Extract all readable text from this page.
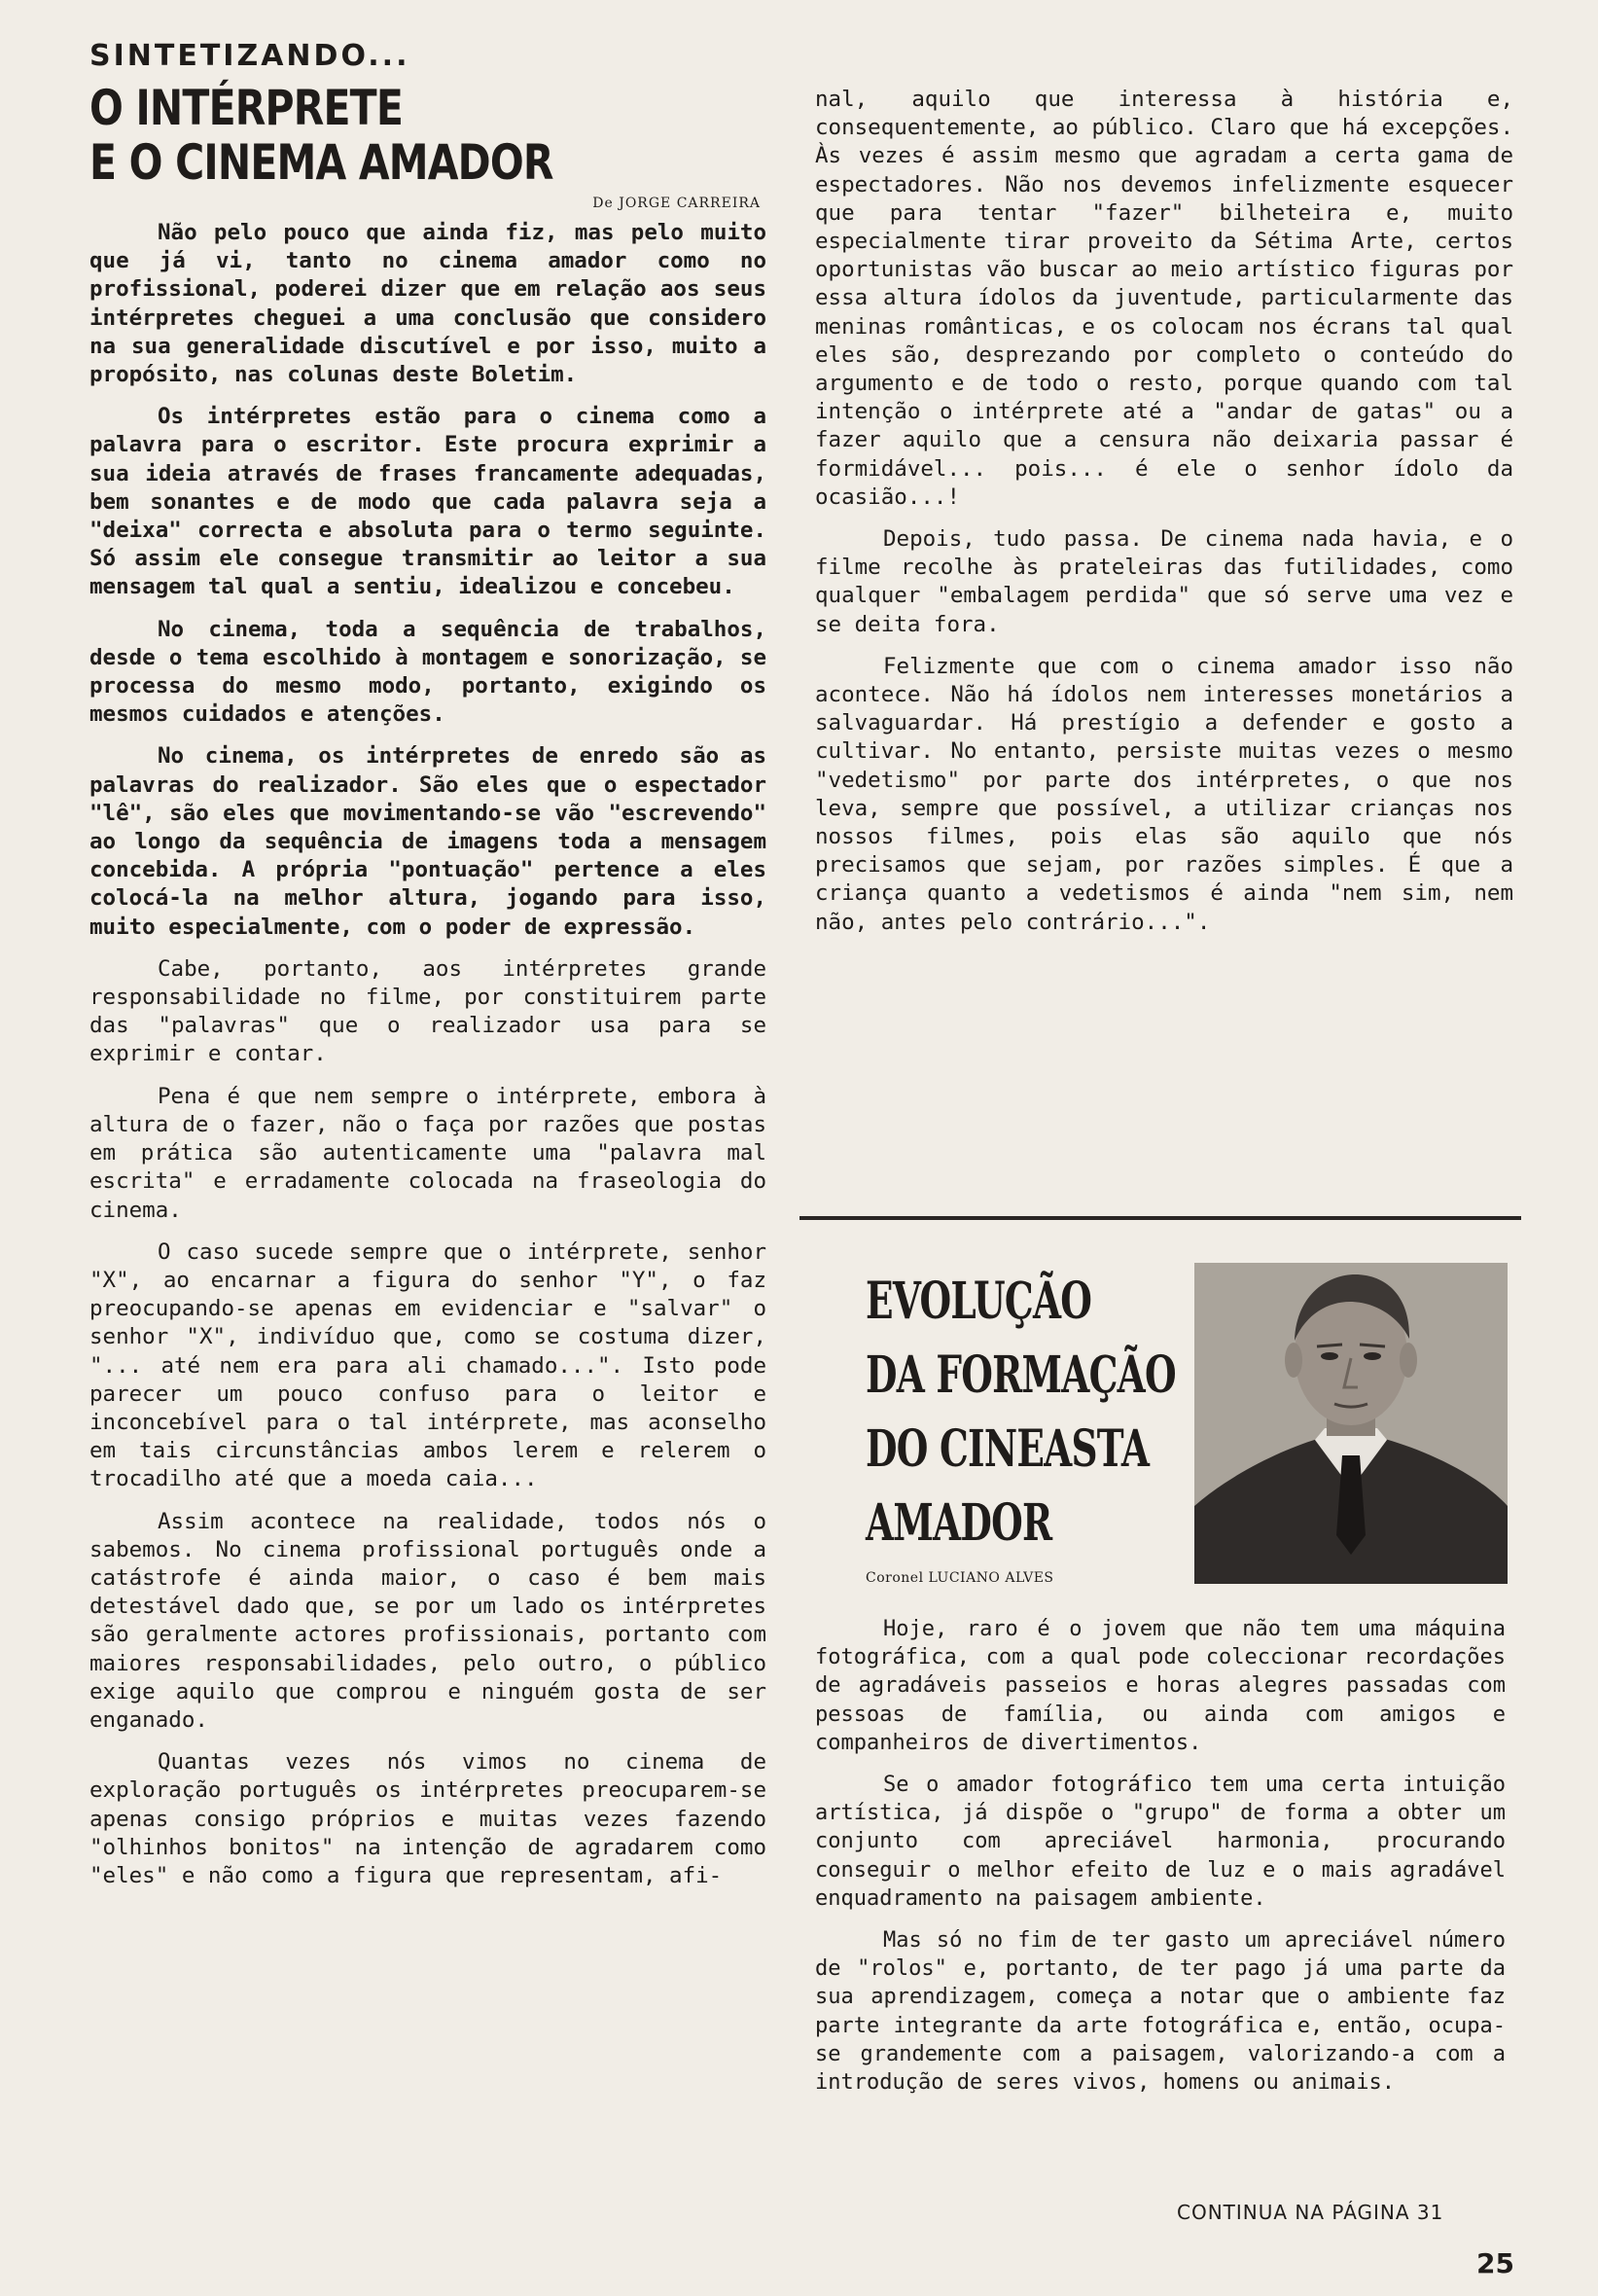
SINTETIZANDO...
O INTÉRPRETE
E O CINEMA AMADOR
De JORGE CARREIRA

Não pelo pouco que ainda fiz, mas pelo muito que já vi, tanto no cinema amador como no profissional, poderei dizer que em relação aos seus intérpretes cheguei a uma conclusão que considero na sua generalidade discutível e por isso, muito a propósito, nas colunas deste Boletim.

Os intérpretes estão para o cinema como a palavra para o escritor. Este procura exprimir a sua ideia através de frases francamente adequadas, bem sonantes e de modo que cada palavra seja a "deixa" correcta e absoluta para o termo seguinte. Só assim ele consegue transmitir ao leitor a sua mensagem tal qual a sentiu, idealizou e concebeu.

No cinema, toda a sequência de trabalhos, desde o tema escolhido à montagem e sonorização, se processa do mesmo modo, portanto, exigindo os mesmos cuidados e atenções.

No cinema, os intérpretes de enredo são as palavras do realizador. São eles que o espectador "lê", são eles que movimentando-se vão "escrevendo" ao longo da sequência de imagens toda a mensagem concebida. A própria "pontuação" pertence a eles colocá-la na melhor altura, jogando para isso, muito especialmente, com o poder de expressão.

Cabe, portanto, aos intérpretes grande responsabilidade no filme, por constituirem parte das "palavras" que o realizador usa para se exprimir e contar.

Pena é que nem sempre o intérprete, embora à altura de o fazer, não o faça por razões que postas em prática são autenticamente uma "palavra mal escrita" e erradamente colocada na fraseologia do cinema.

O caso sucede sempre que o intérprete, senhor "X", ao encarnar a figura do senhor "Y", o faz preocupando-se apenas em evidenciar e "salvar" o senhor "X", indivíduo que, como se costuma dizer, "... até nem era para ali chamado...". Isto pode parecer um pouco confuso para o leitor e inconcebível para o tal intérprete, mas aconselho em tais circunstâncias ambos lerem e relerem o trocadilho até que a moeda caia...

Assim acontece na realidade, todos nós o sabemos. No cinema profissional português onde a catástrofe é ainda maior, o caso é bem mais detestável dado que, se por um lado os intérpretes são geralmente actores profissionais, portanto com maiores responsabilidades, pelo outro, o público exige aquilo que comprou e ninguém gosta de ser enganado.

Quantas vezes nós vimos no cinema de exploração português os intérpretes preocuparem-se apenas consigo próprios e muitas vezes fazendo "olhinhos bonitos" na intenção de agradarem como "eles" e não como a figura que representam, afi-

nal, aquilo que interessa à história e, consequentemente, ao público. Claro que há excepções. Às vezes é assim mesmo que agradam a certa gama de espectadores. Não nos devemos infelizmente esquecer que para tentar "fazer" bilheteira e, muito especialmente tirar proveito da Sétima Arte, certos oportunistas vão buscar ao meio artístico figuras por essa altura ídolos da juventude, particularmente das meninas românticas, e os colocam nos écrans tal qual eles são, desprezando por completo o conteúdo do argumento e de todo o resto, porque quando com tal intenção o intérprete até a "andar de gatas" ou a fazer aquilo que a censura não deixaria passar é formidável... pois... é ele o senhor ídolo da ocasião...!

Depois, tudo passa. De cinema nada havia, e o filme recolhe às prateleiras das futilidades, como qualquer "embalagem perdida" que só serve uma vez e se deita fora.

Felizmente que com o cinema amador isso não acontece. Não há ídolos nem interesses monetários a salvaguardar. Há prestígio a defender e gosto a cultivar. No entanto, persiste muitas vezes o mesmo "vedetismo" por parte dos intérpretes, o que nos leva, sempre que possível, a utilizar crianças nos nossos filmes, pois elas são aquilo que nós precisamos que sejam, por razões simples. É que a criança quanto a vedetismos é ainda "nem sim, nem não, antes pelo contrário...".

EVOLUÇÃO
DA FORMAÇÃO
DO CINEASTA
AMADOR
Coronel LUCIANO ALVES

Hoje, raro é o jovem que não tem uma máquina fotográfica, com a qual pode coleccionar recordações de agradáveis passeios e horas alegres passadas com pessoas de família, ou ainda com amigos e companheiros de divertimentos.

Se o amador fotográfico tem uma certa intuição artística, já dispõe o "grupo" de forma a obter um conjunto com apreciável harmonia, procurando conseguir o melhor efeito de luz e o mais agradável enquadramento na paisagem ambiente.

Mas só no fim de ter gasto um apreciável número de "rolos" e, portanto, de ter pago já uma parte da sua aprendizagem, começa a notar que o ambiente faz parte integrante da arte fotográfica e, então, ocupa-se grandemente com a paisagem, valorizando-a com a introdução de seres vivos, homens ou animais.

CONTINUA NA PÁGINA 31
25
